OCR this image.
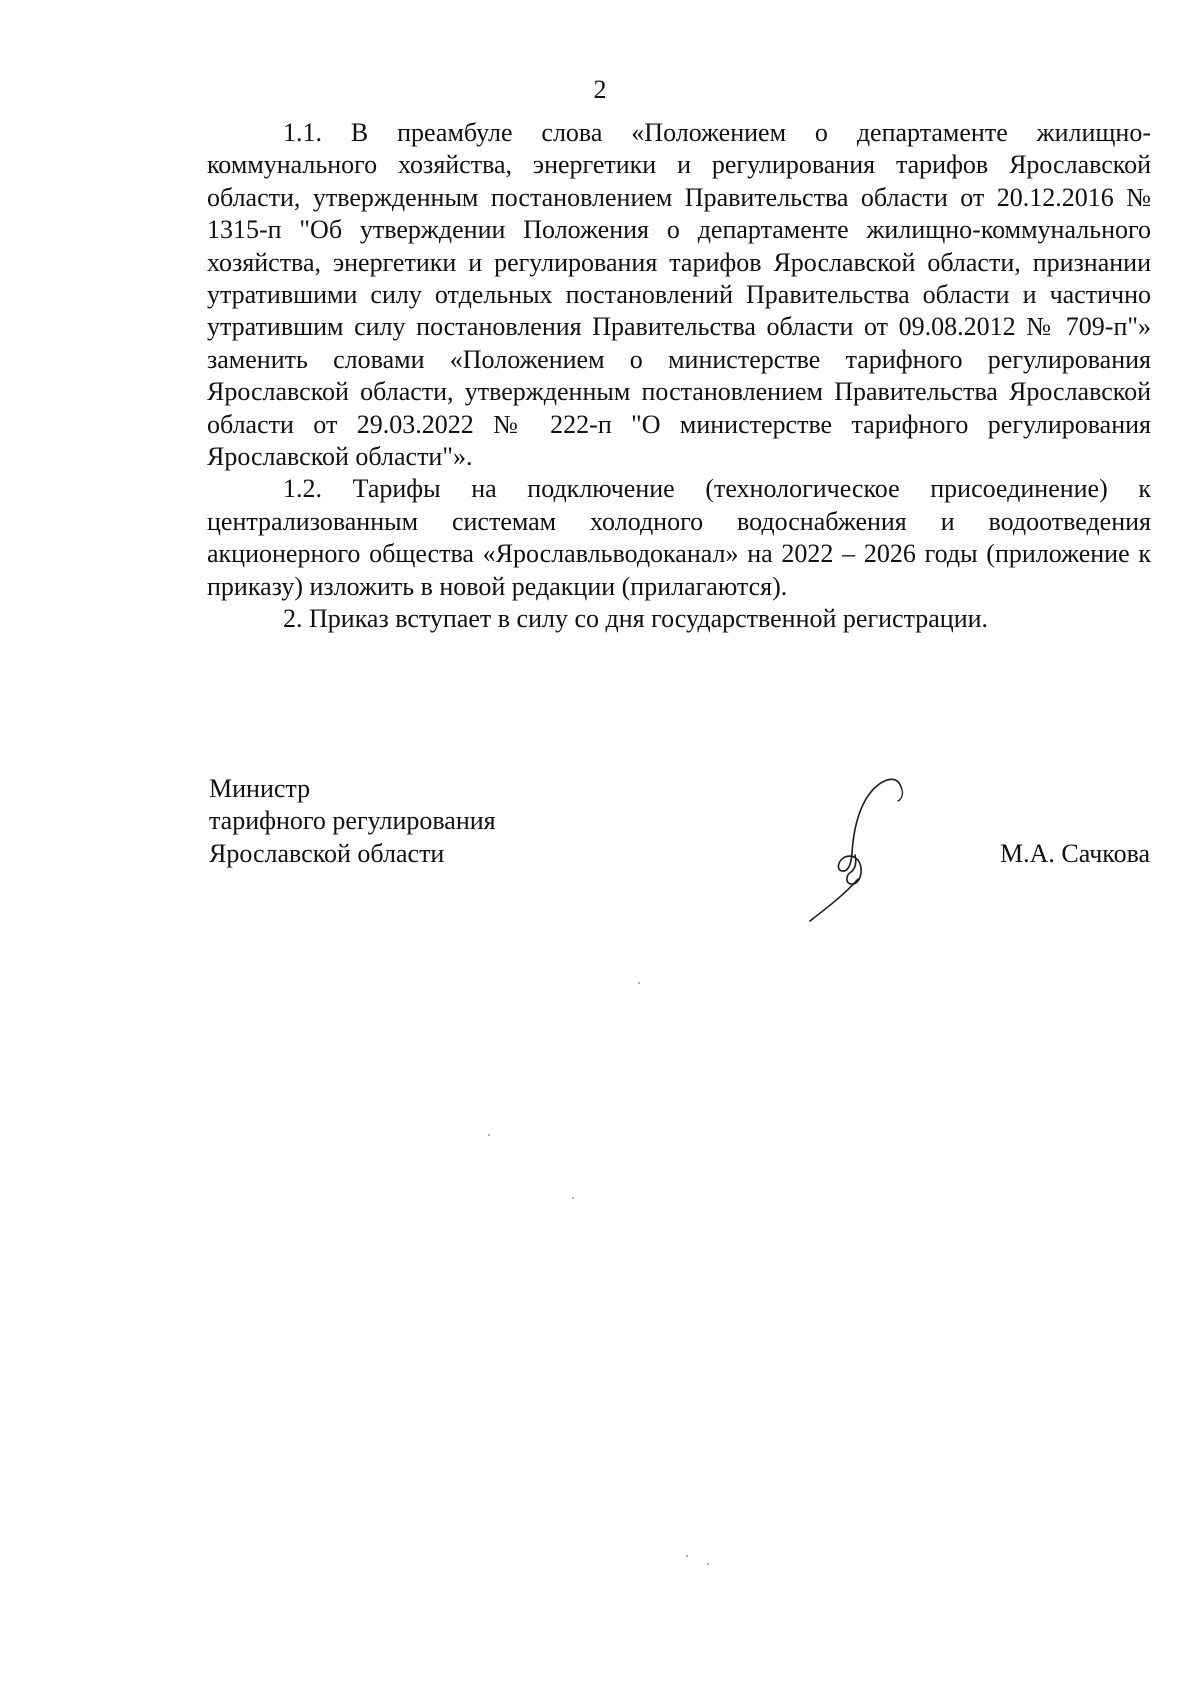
2

1.1. В преамбуле слова «Положением о департаменте жилищно-коммунального хозяйства, энергетики и регулирования тарифов Ярославской области, утвержденным постановлением Правительства области от 20.12.2016 № 1315-п "Об утверждении Положения о департаменте жилищно-коммунального хозяйства, энергетики и регулирования тарифов Ярославской области, признании утратившими силу отдельных постановлений Правительства области и частично утратившим силу постановления Правительства области от 09.08.2012 № 709-п"» заменить словами «Положением о министерстве тарифного регулирования Ярославской области, утвержденным постановлением Правительства Ярославской области от 29.03.2022 № 222-п "О министерстве тарифного регулирования Ярославской области"».

1.2. Тарифы на подключение (технологическое присоединение) к централизованным системам холодного водоснабжения и водоотведения акционерного общества «Ярославльводоканал» на 2022 – 2026 годы (приложение к приказу) изложить в новой редакции (прилагаются).

2. Приказ вступает в силу со дня государственной регистрации.

Министр
тарифного регулирования
Ярославской области	М.А. Сачкова
